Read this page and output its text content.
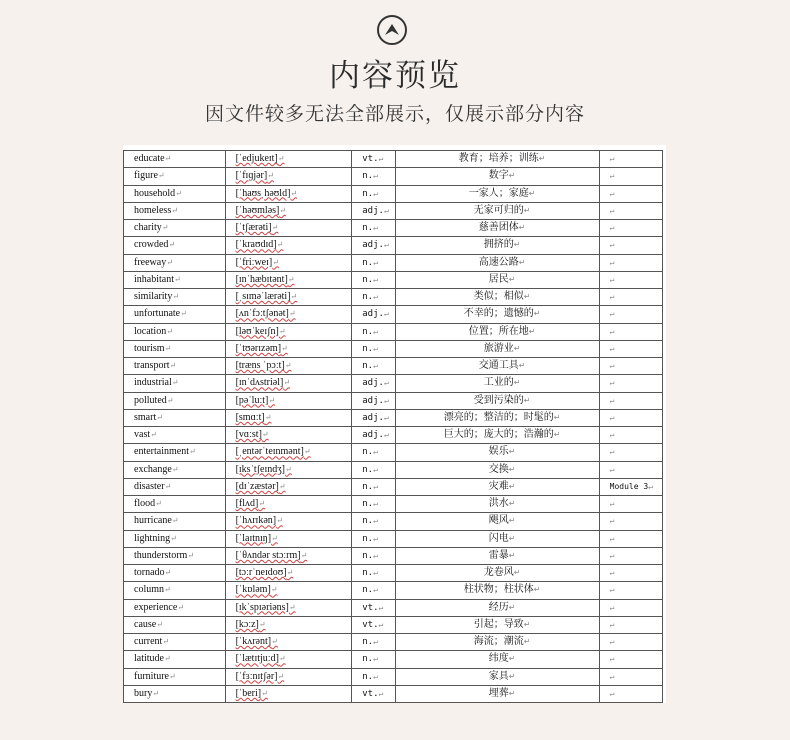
内容预览
因文件较多无法全部展示，仅展示部分内容
educate↵	[ˈedjukeɪt]↵	vt.↵	教育；培养；训练↵	↵
figure↵	[ˈfɪɡjər]↵	n.↵	数字↵	↵
household↵	[ˈhaʊsˌhəʊld]↵	n.↵	一家人；家庭↵	↵
homeless↵	[ˈhəʊmləs]↵	adj.↵	无家可归的↵	↵
charity↵	[ˈtʃærəti]↵	n.↵	慈善团体↵	↵
crowded↵	[ˈkraʊdɪd]↵	adj.↵	拥挤的↵	↵
freeway↵	[ˈfriːweɪ]↵	n.↵	高速公路↵	↵
inhabitant↵	[ɪnˈhæbɪtənt]↵	n.↵	居民↵	↵
similarity↵	[ˌsɪməˈlærəti]↵	n.↵	类似；相似↵	↵
unfortunate↵	[ʌnˈfɔːtʃənət]↵	adj.↵	不幸的；遗憾的↵	↵
location↵	[ləʊˈkeɪʃn]↵	n.↵	位置；所在地↵	↵
tourism↵	[ˈtʊərɪzəm]↵	n.↵	旅游业↵	↵
transport↵	[træns ˈpɔːt]↵	n.↵	交通工具↵	↵
industrial↵	[ɪnˈdʌstriəl]↵	adj.↵	工业的↵	↵
polluted↵	[pəˈluːt]↵	adj.↵	受到污染的↵	↵
smart↵	[smɑːt]↵	adj.↵	漂亮的；整洁的；时髦的↵	↵
vast↵	[vɑːst]↵	adj.↵	巨大的；庞大的；浩瀚的↵	↵
entertainment↵	[ˌentərˈteɪnmənt]↵	n.↵	娱乐↵	↵
exchange↵	[ɪksˈtʃeɪndʒ]↵	n.↵	交换↵	↵
disaster↵	[dɪˈzæstər]↵	n.↵	灾难↵	Module 3↵
flood↵	[flʌd]↵	n.↵	洪水↵	↵
hurricane↵	[ˈhʌrɪkən]↵	n.↵	飓风↵	↵
lightning↵	[ˈlaɪtnɪŋ]↵	n.↵	闪电↵	↵
thunderstorm↵	[ˈθʌndər stɔːrm]↵	n.↵	雷暴↵	↵
tornado↵	[tɔːrˈneɪdoʊ]↵	n.↵	龙卷风↵	↵
column↵	[ˈkɒləm]↵	n.↵	柱状物；柱状体↵	↵
experience↵	[ɪkˈspɪəriəns]↵	vt.↵	经历↵	↵
cause↵	[kɔːz]↵	vt.↵	引起；导致↵	↵
current↵	[ˈkʌrənt]↵	n.↵	海流；潮流↵	↵
latitude↵	[ˈlætɪtjuːd]↵	n.↵	纬度↵	↵
furniture↵	[ˈfɜːnɪtʃər]↵	n.↵	家具↵	↵
bury↵	[ˈberi]↵	vt.↵	埋葬↵	↵
